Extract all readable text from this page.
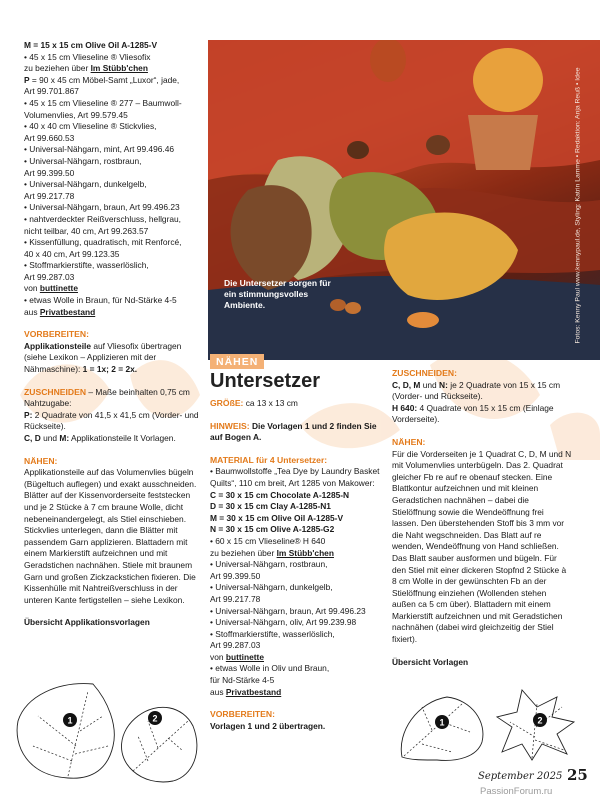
M = 15 x 15 cm Olive Oil A-1285-V

• 45 x 15 cm Vlieseline ® Vliesofix

zu beziehen über Im Stübb'chen

P = 90 x 45 cm Möbel-Samt „Luxor“, jade,

Art 99.701.867

• 45 x 15 cm Vlieseline ® 277 – Baumwoll-

Volumenvlies, Art 99.579.45

• 40 x 40 cm Vlieseline ® Stickvlies,

Art 99.660.53

• Universal-Nähgarn, mint, Art 99.496.46

• Universal-Nähgarn, rostbraun,

Art 99.399.50

• Universal-Nähgarn, dunkelgelb,

Art 99.217.78

• Universal-Nähgarn, braun, Art 99.496.23

• nahtverdeckter Reißverschluss, hellgrau,

nicht teilbar, 40 cm, Art 99.263.57

• Kissenfüllung, quadratisch, mit Renforcé,

40 x 40 cm, Art 99.123.35

• Stoffmarkierstifte, wasserlöslich,

Art 99.287.03

von buttinette

• etwas Wolle in Braun, für Nd-Stärke 4-5

aus Privatbestand

VORBEREITEN:

Applikationsteile auf Vliesofix übertragen (siehe Lexikon – Applizieren mit der Nähmaschine): 1 = 1x; 2 = 2x.

ZUSCHNEIDEN – Maße beinhalten 0,75 cm Nahtzugabe:

P: 2 Quadrate von 41,5 x 41,5 cm (Vorder- und Rückseite).

C, D und M: Applikationsteile lt Vorlagen.

NÄHEN:

Applikationsteile auf das Volumenvlies bügeln (Bügeltuch auflegen) und exakt ausschneiden. Blätter auf der Kissenvorderseite feststecken und je 2 Stücke à 7 cm braune Wolle, dicht nebeneinandergelegt, als Stiel einschieben. Stickvlies unterlegen, dann die Blätter mit passendem Garn applizieren. Blattadern mit einem Markierstift aufzeichnen und mit Geradstichen nachnähen. Stiele mit braunem Garn und großen Zickzackstichen fixieren. Die Kissenhülle mit Nahtreißverschluss in der unteren Kante fertigstellen – siehe Lexikon.

Übersicht Applikationsvorlagen

1	2
Die Untersetzer sorgen für ein stimmungsvolles Ambiente.	Fotos: Kenny Paul www.kennypaul.de, Styling: Katrin Lamme • Redaktion: Anja Reuß • Idee
NÄHEN
Untersetzer

GRÖßE: ca 13 x 13 cm

HINWEIS: Die Vorlagen 1 und 2 finden Sie auf Bogen A.

MATERIAL für 4 Untersetzer:

• Baumwollstoffe „Tea Dye by Laundry Basket Quilts“, 110 cm breit, Art 1285 von Makower:

C = 30 x 15 cm Chocolate A-1285-N

D = 30 x 15 cm Clay A-1285-N1

M = 30 x 15 cm Olive Oil A-1285-V

N = 30 x 15 cm Olive A-1285-G2

• 60 x 15 cm Vlieseline® H 640

zu beziehen über Im Stübb'chen

• Universal-Nähgarn, rostbraun,

Art 99.399.50

• Universal-Nähgarn, dunkelgelb,

Art 99.217.78

• Universal-Nähgarn, braun, Art 99.496.23

• Universal-Nähgarn, oliv, Art 99.239.98

• Stoffmarkierstifte, wasserlöslich,

Art 99.287.03

von buttinette

• etwas Wolle in Oliv und Braun,

für Nd-Stärke 4-5

aus Privatbestand

VORBEREITEN:

Vorlagen 1 und 2 übertragen.

ZUSCHNEIDEN:

C, D, M und N: je 2 Quadrate von 15 x 15 cm (Vorder- und Rückseite).

H 640: 4 Quadrate von 15 x 15 cm (Einlage Vorderseite).

NÄHEN:

Für die Vorderseiten je 1 Quadrat C, D, M und N mit Volumenvlies unterbügeln. Das 2. Quadrat gleicher Fb re auf re obenauf stecken. Eine Blattkontur aufzeichnen und mit kleinen Geradstichen nachnähen – dabei die Stielöffnung sowie die Wendeöffnung frei lassen. Den überstehenden Stoff bis 3 mm vor die Naht wegschneiden. Das Blatt auf re wenden, Wendeöffnung von Hand schließen. Das Blatt sauber ausformen und bügeln. Für den Stiel mit einer dickeren Stopfnd 2 Stücke à 8 cm Wolle in der gewünschten Fb an der Stielöffnung einziehen (Wollenden stehen außen ca 5 cm über). Blattadern mit einem Markierstift aufzeichnen und mit Geradstichen nachnähen (dabei wird gleichzeitig der Stiel fixiert).

Übersicht Vorlagen

1	2
September 2025 25
PassionForum.ru
